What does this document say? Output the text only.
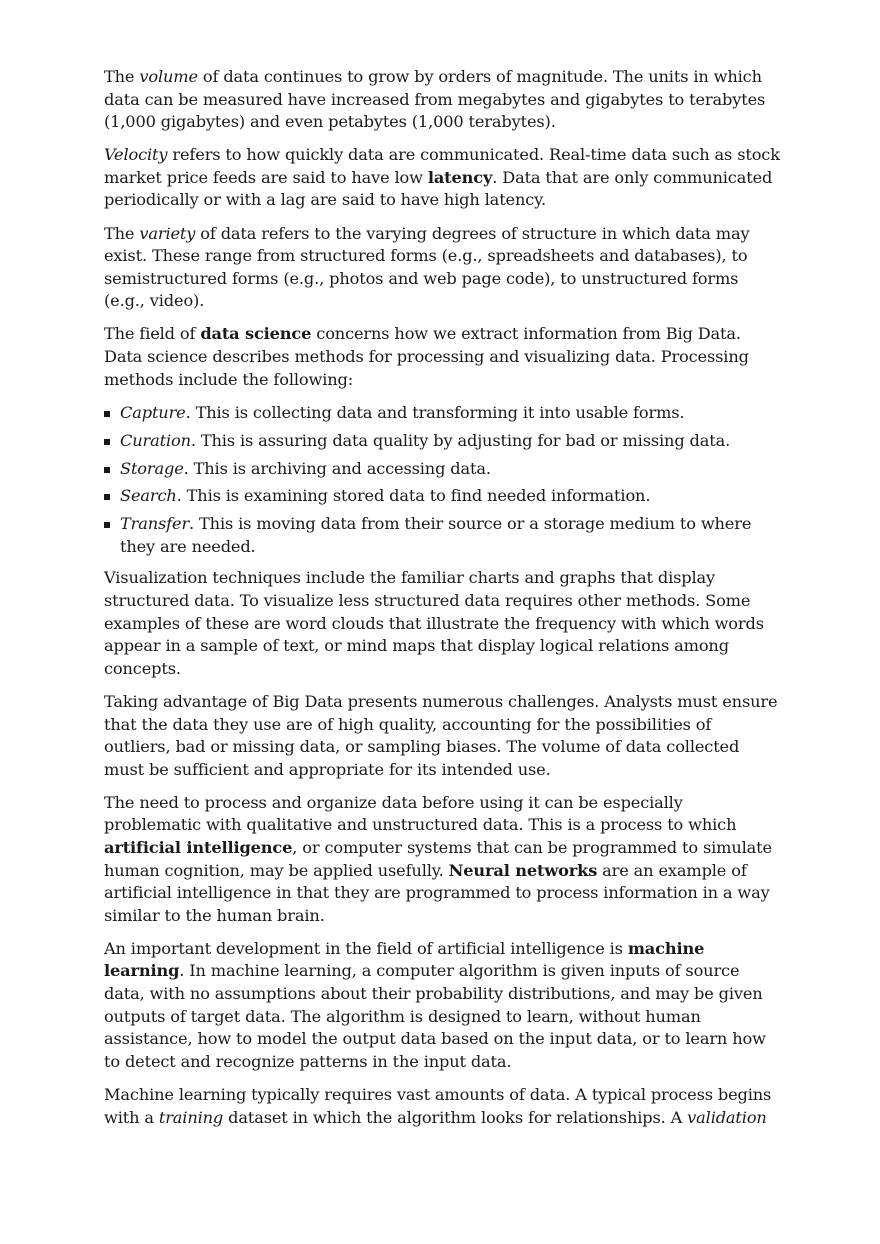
The volume of data continues to grow by orders of magnitude. The units in which data can be measured have increased from megabytes and gigabytes to terabytes (1,000 gigabytes) and even petabytes (1,000 terabytes).

Velocity refers to how quickly data are communicated. Real-time data such as stock market price feeds are said to have low latency. Data that are only communicated periodically or with a lag are said to have high latency.

The variety of data refers to the varying degrees of structure in which data may exist. These range from structured forms (e.g., spreadsheets and databases), to semistructured forms (e.g., photos and web page code), to unstructured forms (e.g., video).

The field of data science concerns how we extract information from Big Data. Data science describes methods for processing and visualizing data. Processing methods include the following:

Capture. This is collecting data and transforming it into usable forms.
Curation. This is assuring data quality by adjusting for bad or missing data.
Storage. This is archiving and accessing data.
Search. This is examining stored data to find needed information.
Transfer. This is moving data from their source or a storage medium to where they are needed.

Visualization techniques include the familiar charts and graphs that display structured data. To visualize less structured data requires other methods. Some examples of these are word clouds that illustrate the frequency with which words appear in a sample of text, or mind maps that display logical relations among concepts.

Taking advantage of Big Data presents numerous challenges. Analysts must ensure that the data they use are of high quality, accounting for the possibilities of outliers, bad or missing data, or sampling biases. The volume of data collected must be sufficient and appropriate for its intended use.

The need to process and organize data before using it can be especially problematic with qualitative and unstructured data. This is a process to which artificial intelligence, or computer systems that can be programmed to simulate human cognition, may be applied usefully. Neural networks are an example of artificial intelligence in that they are programmed to process information in a way similar to the human brain.

An important development in the field of artificial intelligence is machine learning. In machine learning, a computer algorithm is given inputs of source data, with no assumptions about their probability distributions, and may be given outputs of target data. The algorithm is designed to learn, without human assistance, how to model the output data based on the input data, or to learn how to detect and recognize patterns in the input data.

Machine learning typically requires vast amounts of data. A typical process begins with a training dataset in which the algorithm looks for relationships. A validation
